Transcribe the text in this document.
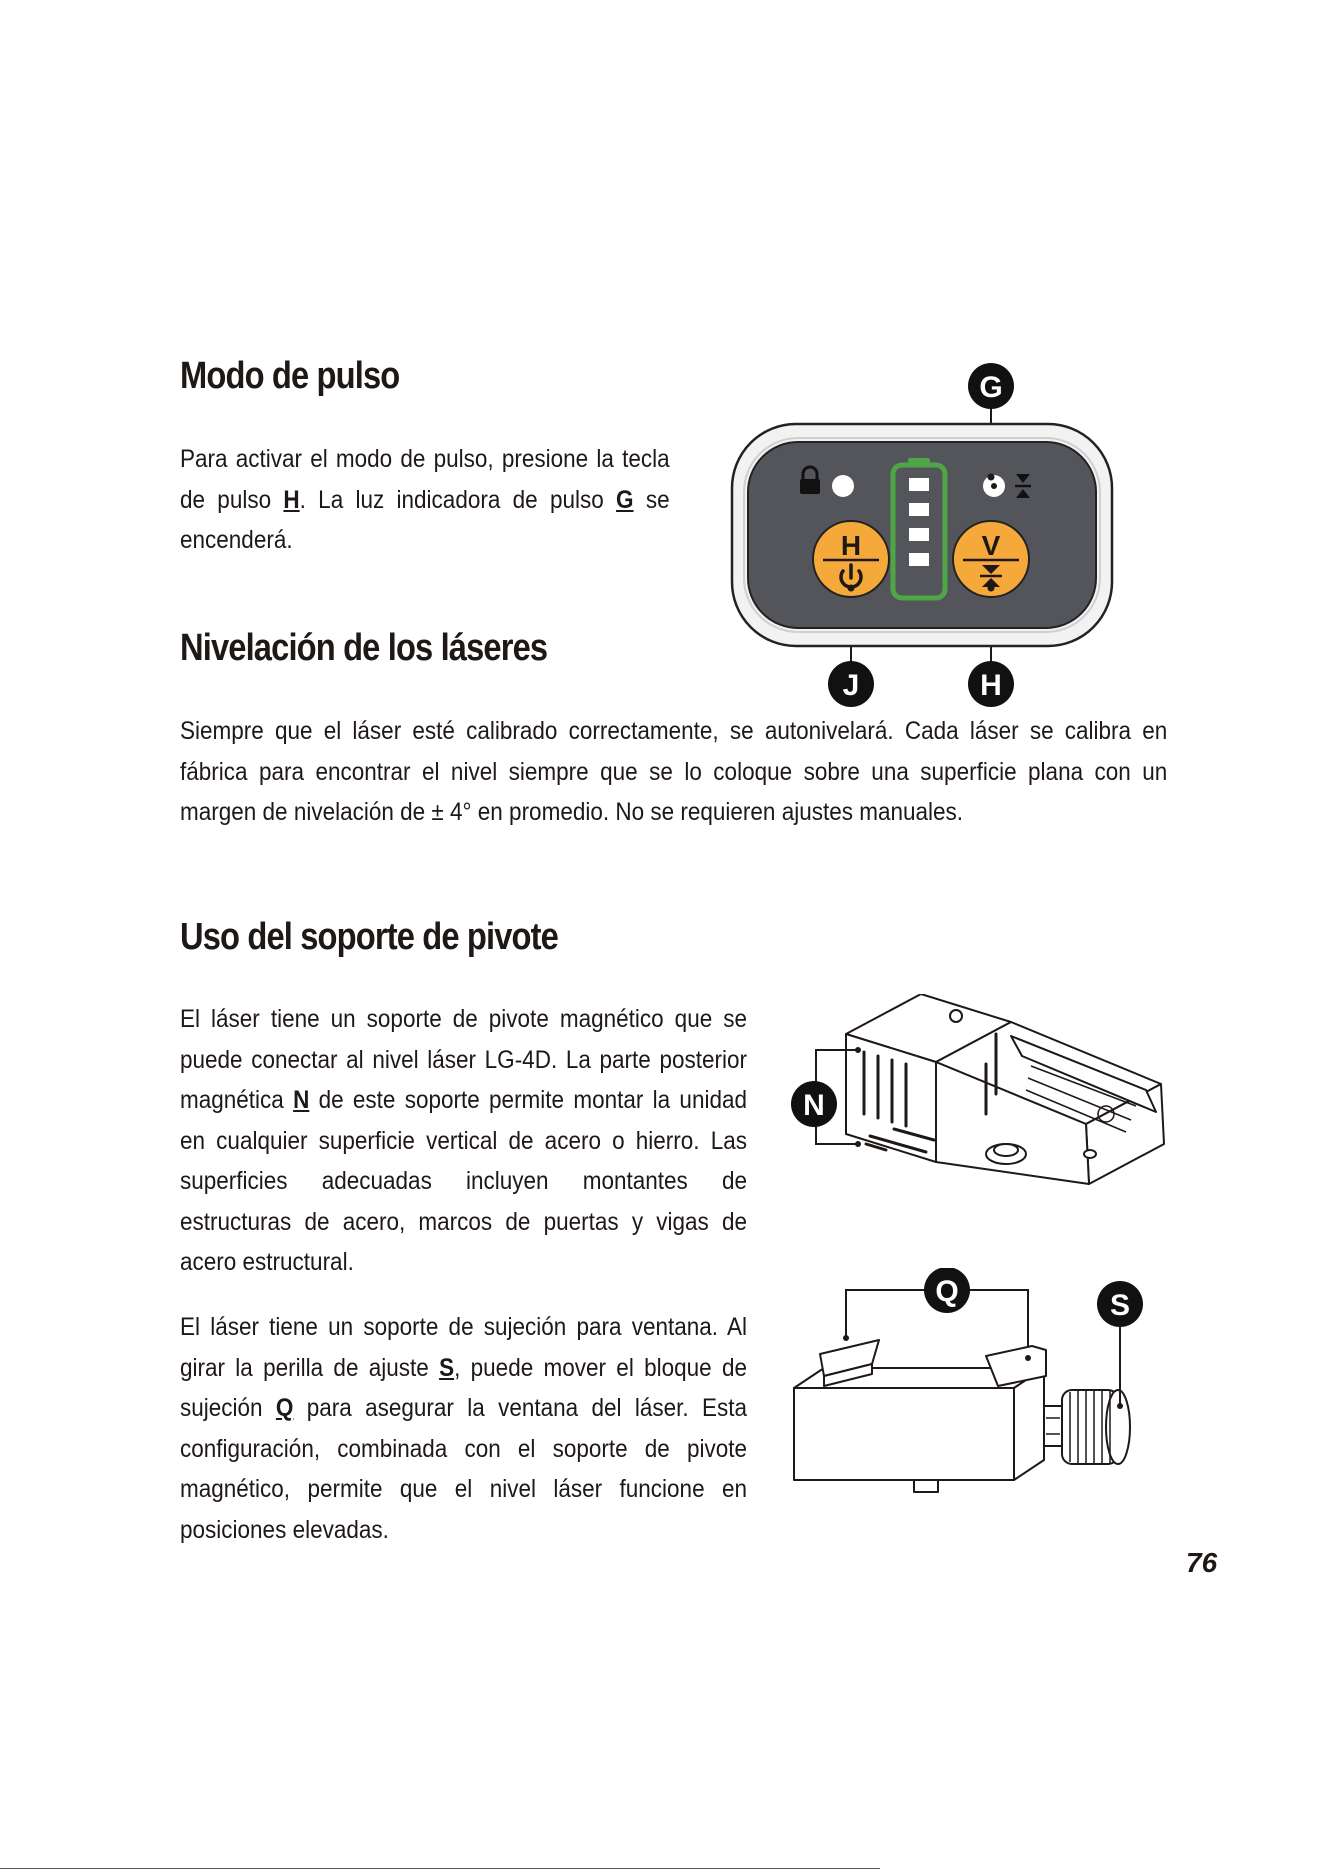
Modo de pulso

Para activar el modo de pulso, presione la tecla de pulso H. La luz indicadora de pulso G se encenderá.	H	V
G
J	H
Nivelación de los láseres

Siempre que el láser esté calibrado correctamente, se autonivelará. Cada láser se calibra en fábrica para encontrar el nivel siempre que se lo coloque sobre una superficie plana con un margen de nivelación de ± 4° en promedio. No se requieren ajustes manuales.

Uso del soporte de pivote

El láser tiene un soporte de pivote magnético que se puede conectar al nivel láser LG-4D. La parte posterior magnética N de este soporte permite montar la unidad en cualquier superficie vertical de acero o hierro. Las superficies adecuadas incluyen montantes de estructuras de acero, marcos de puertas y vigas de acero estructural.

El láser tiene un soporte de sujeción para ventana. Al girar la perilla de ajuste S, puede mover el bloque de sujeción Q para asegurar la ventana del láser. Esta configuración, combinada con el soporte de pivote magnético, permite que el nivel láser funcione en posiciones elevadas.

N
Q	S
76
